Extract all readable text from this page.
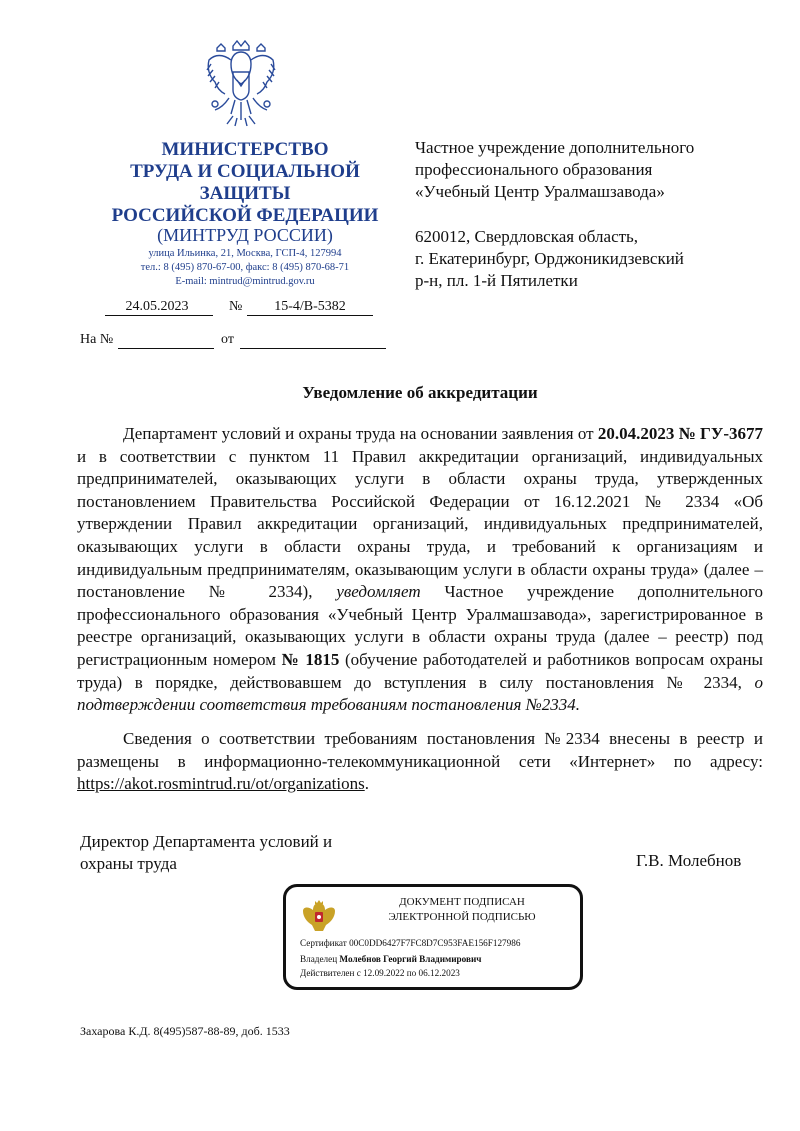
МИНИСТЕРСТВО
ТРУДА И СОЦИАЛЬНОЙ
ЗАЩИТЫ
РОССИЙСКОЙ ФЕДЕРАЦИИ
(МИНТРУД РОССИИ)
улица Ильинка, 21, Москва, ГСП-4, 127994
тел.: 8 (495) 870-67-00, факс: 8 (495) 870-68-71
E-mail: mintrud@mintrud.gov.ru
24.05.2023	№	15-4/В-5382
На №	от
Частное учреждение дополнительного
профессионального образования
«Учебный Центр Уралмашзавода»
620012, Свердловская область,
г. Екатеринбург, Орджоникидзевский
р-н, пл. 1-й Пятилетки
Уведомление об аккредитации
Департамент условий и охраны труда на основании заявления от 20.04.2023 № ГУ-3677 и в соответствии с пунктом 11 Правил аккредитации организаций, индивидуальных предпринимателей, оказывающих услуги в области охраны труда, утвержденных постановлением Правительства Российской Федерации от 16.12.2021 № 2334 «Об утверждении Правил аккредитации организаций, индивидуальных предпринимателей, оказывающих услуги в области охраны труда, и требований к организациям и индивидуальным предпринимателям, оказывающим услуги в области охраны труда» (далее – постановление № 2334), уведомляет Частное учреждение дополнительного профессионального образования «Учебный Центр Уралмашзавода», зарегистрированное в реестре организаций, оказывающих услуги в области охраны труда (далее – реестр) под регистрационным номером № 1815 (обучение работодателей и работников вопросам охраны труда) в порядке, действовавшем до вступления в силу постановления № 2334, о подтверждении соответствия требованиям постановления №2334.
Сведения о соответствии требованиям постановления №2334 внесены в реестр и размещены в информационно-телекоммуникационной сети «Интернет» по адресу: https://akot.rosmintrud.ru/ot/organizations.
Директор Департамента условий и
охраны труда	Г.В. Молебнов
ДОКУМЕНТ ПОДПИСАН
ЭЛЕКТРОННОЙ ПОДПИСЬЮ
Сертификат 00C0DD6427F7FC8D7C953FAE156F127986
Владелец Молебнов Георгий Владимирович
Действителен с 12.09.2022 по 06.12.2023
Захарова К.Д. 8(495)587-88-89, доб. 1533
